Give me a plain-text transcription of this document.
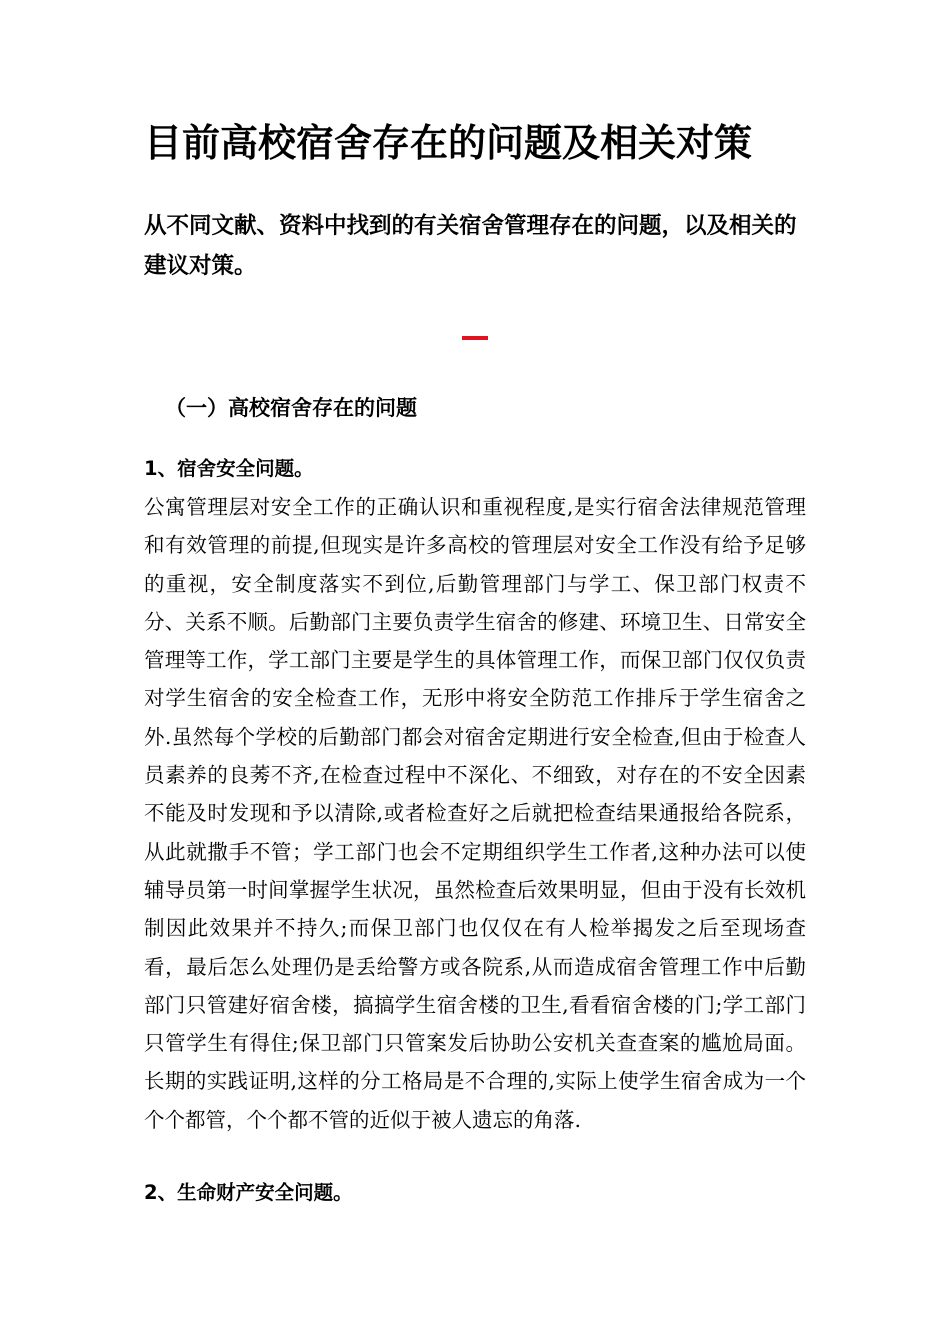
目前高校宿舍存在的问题及相关对策

从不同文献、资料中找到的有关宿舍管理存在的问题，以及相关的建议对策。

（一）高校宿舍存在的问题
1、宿舍安全问题。

公寓管理层对安全工作的正确认识和重视程度,是实行宿舍法律规范管理和有效管理的前提,但现实是许多高校的管理层对安全工作没有给予足够的重视，安全制度落实不到位,后勤管理部门与学工、保卫部门权责不分、关系不顺。后勤部门主要负责学生宿舍的修建、环境卫生、日常安全管理等工作，学工部门主要是学生的具体管理工作，而保卫部门仅仅负责对学生宿舍的安全检查工作，无形中将安全防范工作排斥于学生宿舍之外.虽然每个学校的后勤部门都会对宿舍定期进行安全检查,但由于检查人员素养的良莠不齐,在检查过程中不深化、不细致，对存在的不安全因素不能及时发现和予以清除,或者检查好之后就把检查结果通报给各院系，从此就撒手不管；学工部门也会不定期组织学生工作者,这种办法可以使辅导员第一时间掌握学生状况，虽然检查后效果明显，但由于没有长效机制因此效果并不持久;而保卫部门也仅仅在有人检举揭发之后至现场查看，最后怎么处理仍是丢给警方或各院系,从而造成宿舍管理工作中后勤部门只管建好宿舍楼，搞搞学生宿舍楼的卫生,看看宿舍楼的门;学工部门只管学生有得住;保卫部门只管案发后协助公安机关查查案的尴尬局面。长期的实践证明,这样的分工格局是不合理的,实际上使学生宿舍成为一个个个都管，个个都不管的近似于被人遗忘的角落.

2、生命财产安全问题。
